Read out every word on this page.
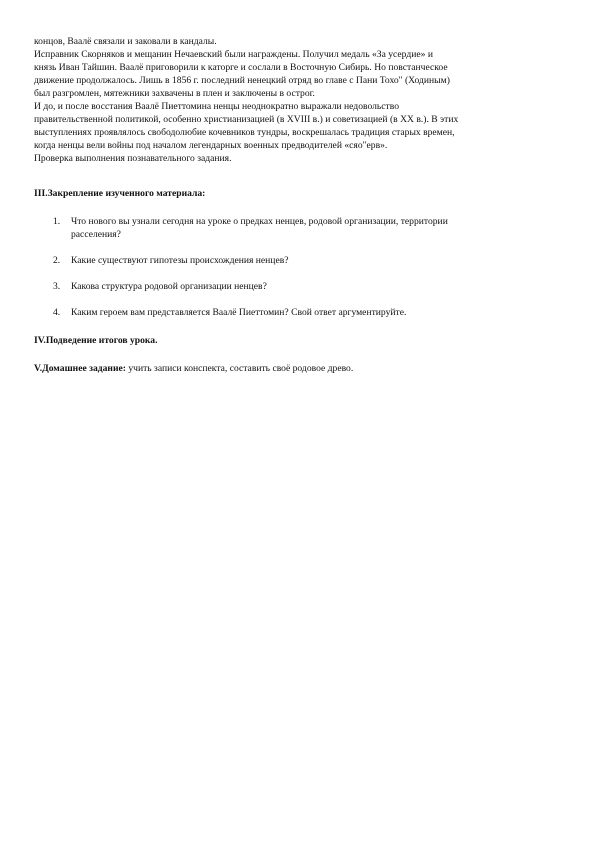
концов, Ваалё связали и заковали в кандалы.

Исправник Скорняков и мещанин Нечаевский были награждены. Получил медаль «За усердие» и

князь Иван Тайшин. Ваалё приговорили к каторге и сослали в Восточную Сибирь. Но повстанческое

движение продолжалось. Лишь в 1856 г. последний ненецкий отряд во главе с Пани Тохо" (Ходиным)

был разгромлен, мятежники захвачены в плен и заключены в острог.

И до, и после восстания Ваалё Пиеттомина ненцы неоднократно выражали недовольство

правительственной политикой, особенно христианизацией (в XVIII в.) и советизацией (в XX в.). В этих

выступлениях проявлялось свободолюбие кочевников тундры, воскрешалась традиция старых времен,

когда ненцы вели войны под началом легендарных военных предводителей «сяо"ерв».

Проверка выполнения познавательного задания.

III.Закрепление изученного материала:

1. Что нового вы узнали сегодня на уроке о предках ненцев, родовой организации, территории
расселения?
2. Какие существуют гипотезы происхождения ненцев?
3. Какова структура родовой организации ненцев?
4. Каким героем вам представляется Ваалё Пиеттомин? Свой ответ аргументируйте.

IV.Подведение итогов урока.

V.Домашнее задание: учить записи конспекта, составить своё родовое древо.
